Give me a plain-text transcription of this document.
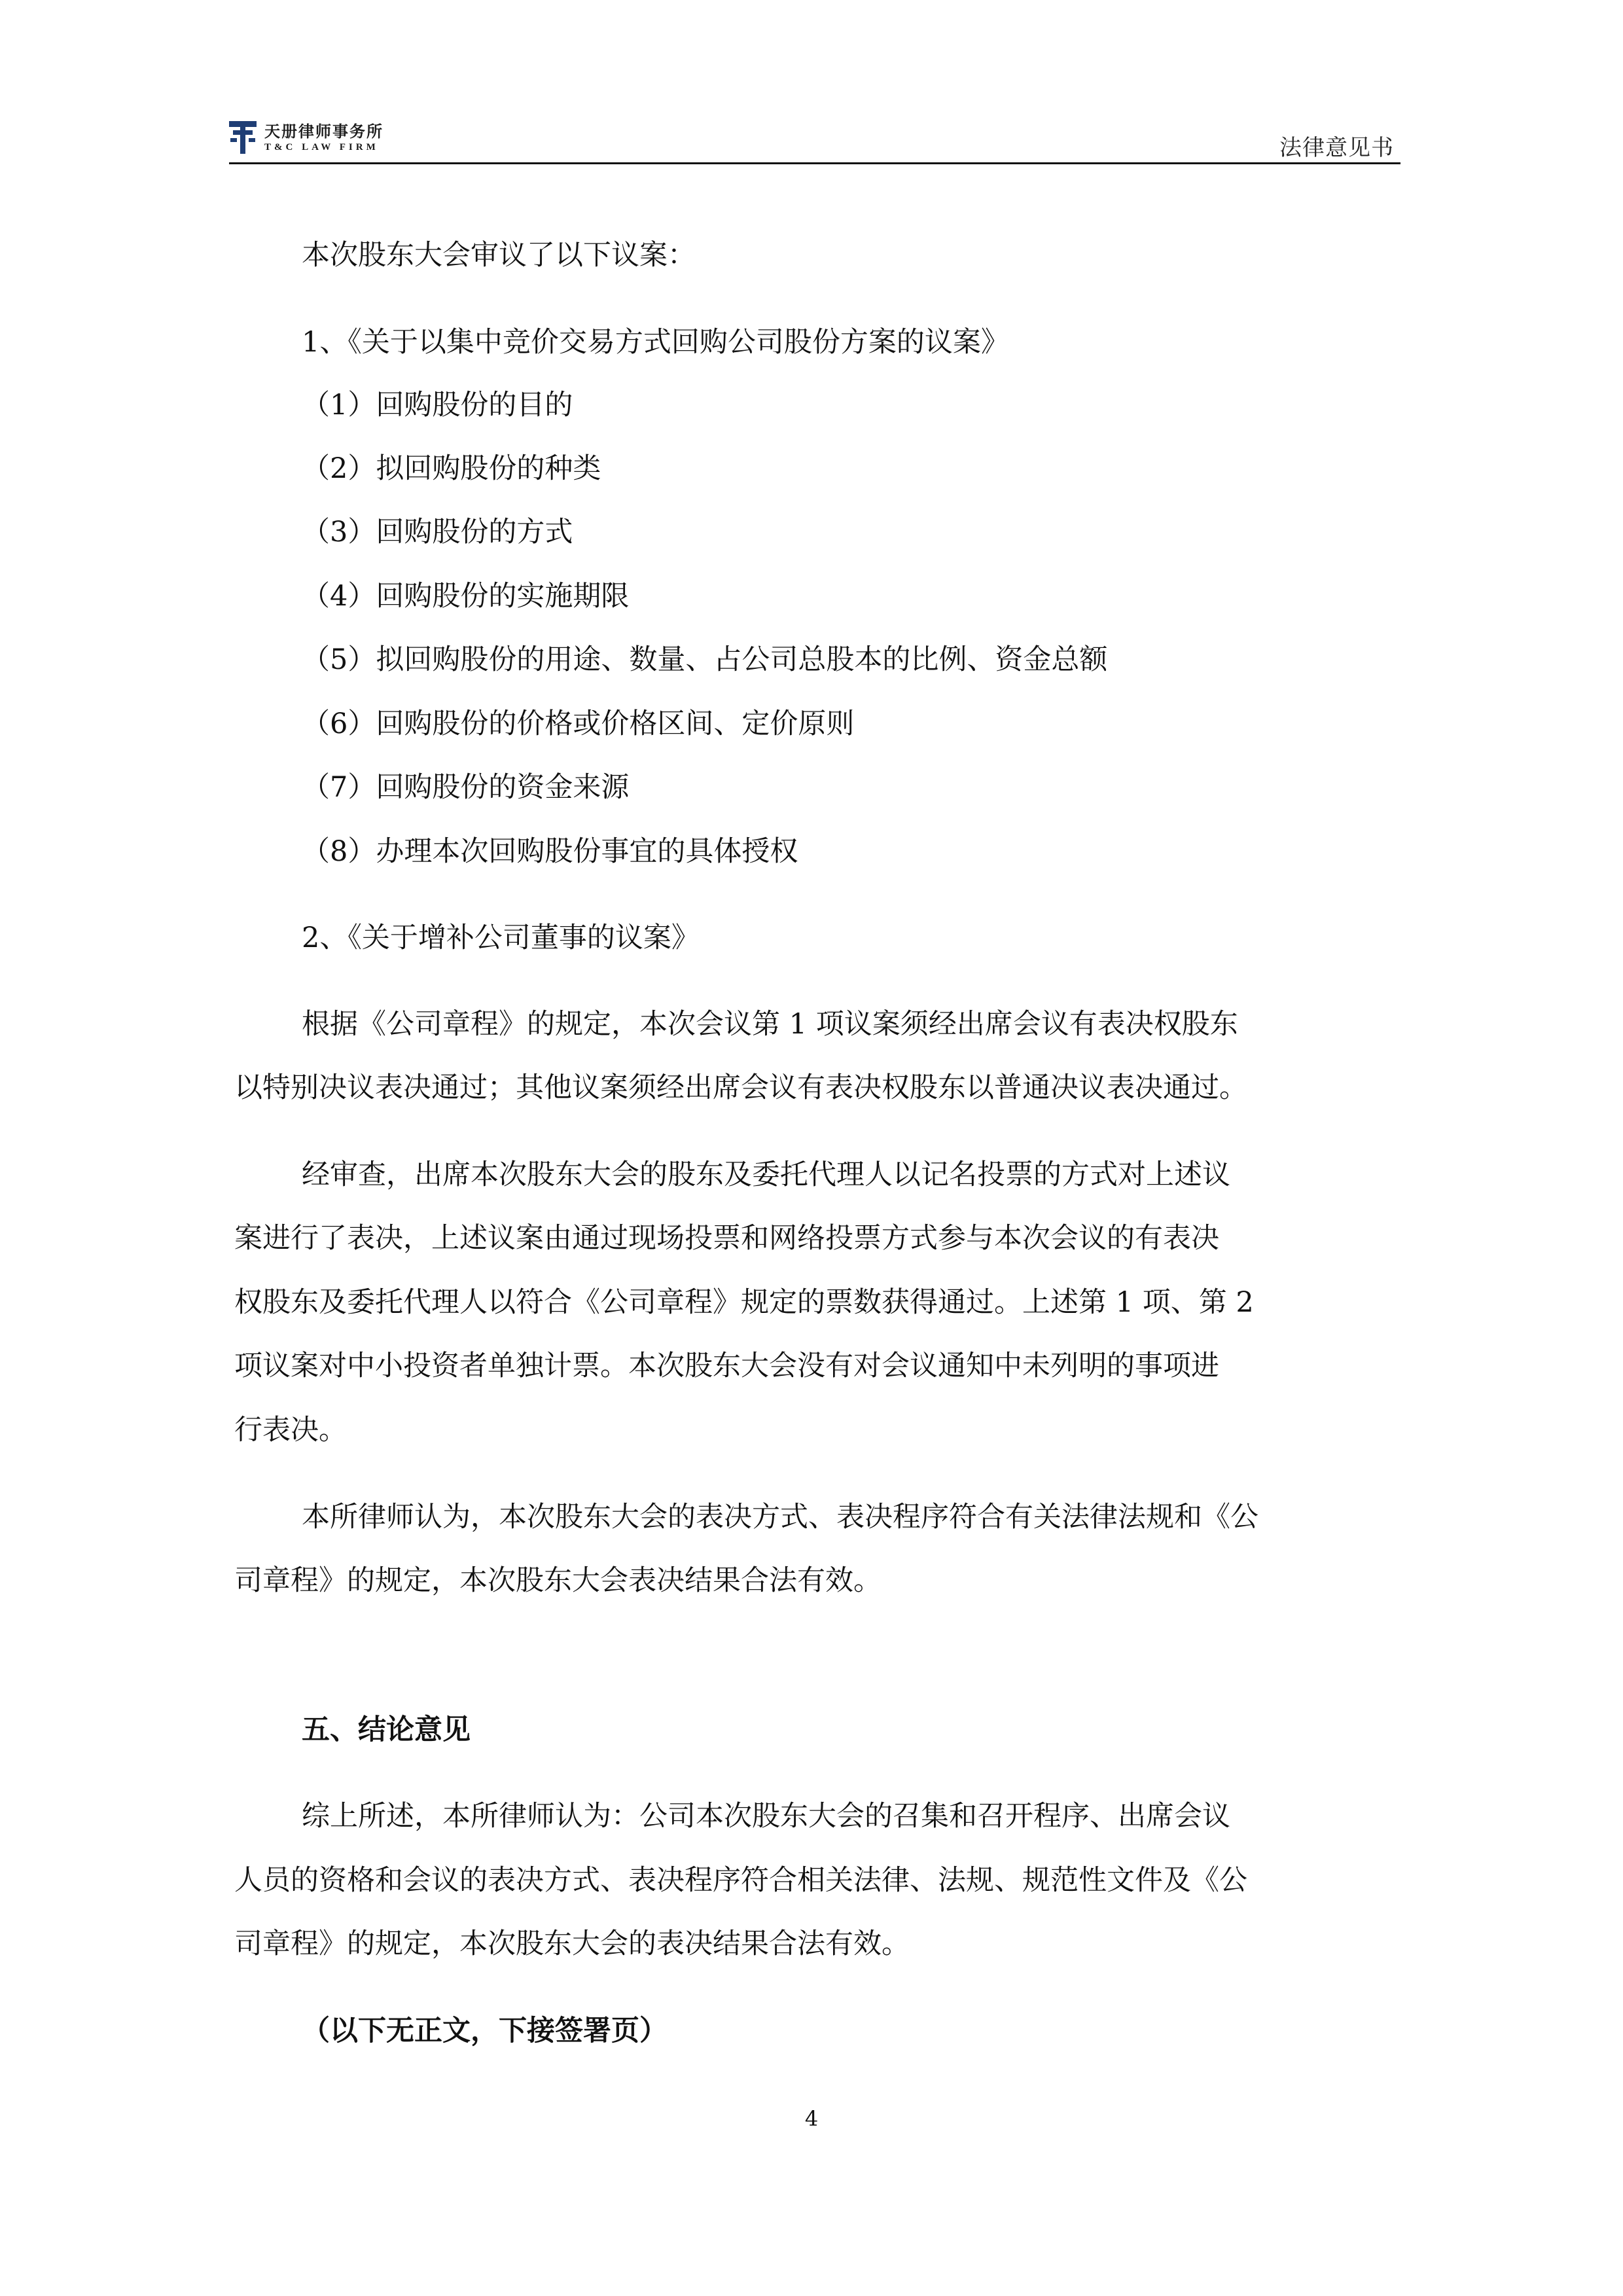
天册律师事务所
T&C LAW FIRM	法律意见书
本次股东大会审议了以下议案：
1、《关于以集中竞价交易方式回购公司股份方案的议案》
（1）回购股份的目的
（2）拟回购股份的种类
（3）回购股份的方式
（4）回购股份的实施期限
（5）拟回购股份的用途、数量、占公司总股本的比例、资金总额
（6）回购股份的价格或价格区间、定价原则
（7）回购股份的资金来源
（8）办理本次回购股份事宜的具体授权
2、《关于增补公司董事的议案》
根据《公司章程》的规定，本次会议第 1 项议案须经出席会议有表决权股东
以特别决议表决通过；其他议案须经出席会议有表决权股东以普通决议表决通过。
经审查，出席本次股东大会的股东及委托代理人以记名投票的方式对上述议
案进行了表决，上述议案由通过现场投票和网络投票方式参与本次会议的有表决
权股东及委托代理人以符合《公司章程》规定的票数获得通过。上述第 1 项、第 2
项议案对中小投资者单独计票。本次股东大会没有对会议通知中未列明的事项进
行表决。
本所律师认为，本次股东大会的表决方式、表决程序符合有关法律法规和《公
司章程》的规定，本次股东大会表决结果合法有效。
五、结论意见
综上所述，本所律师认为：公司本次股东大会的召集和召开程序、出席会议
人员的资格和会议的表决方式、表决程序符合相关法律、法规、规范性文件及《公
司章程》的规定，本次股东大会的表决结果合法有效。
（以下无正文，下接签署页）
4
